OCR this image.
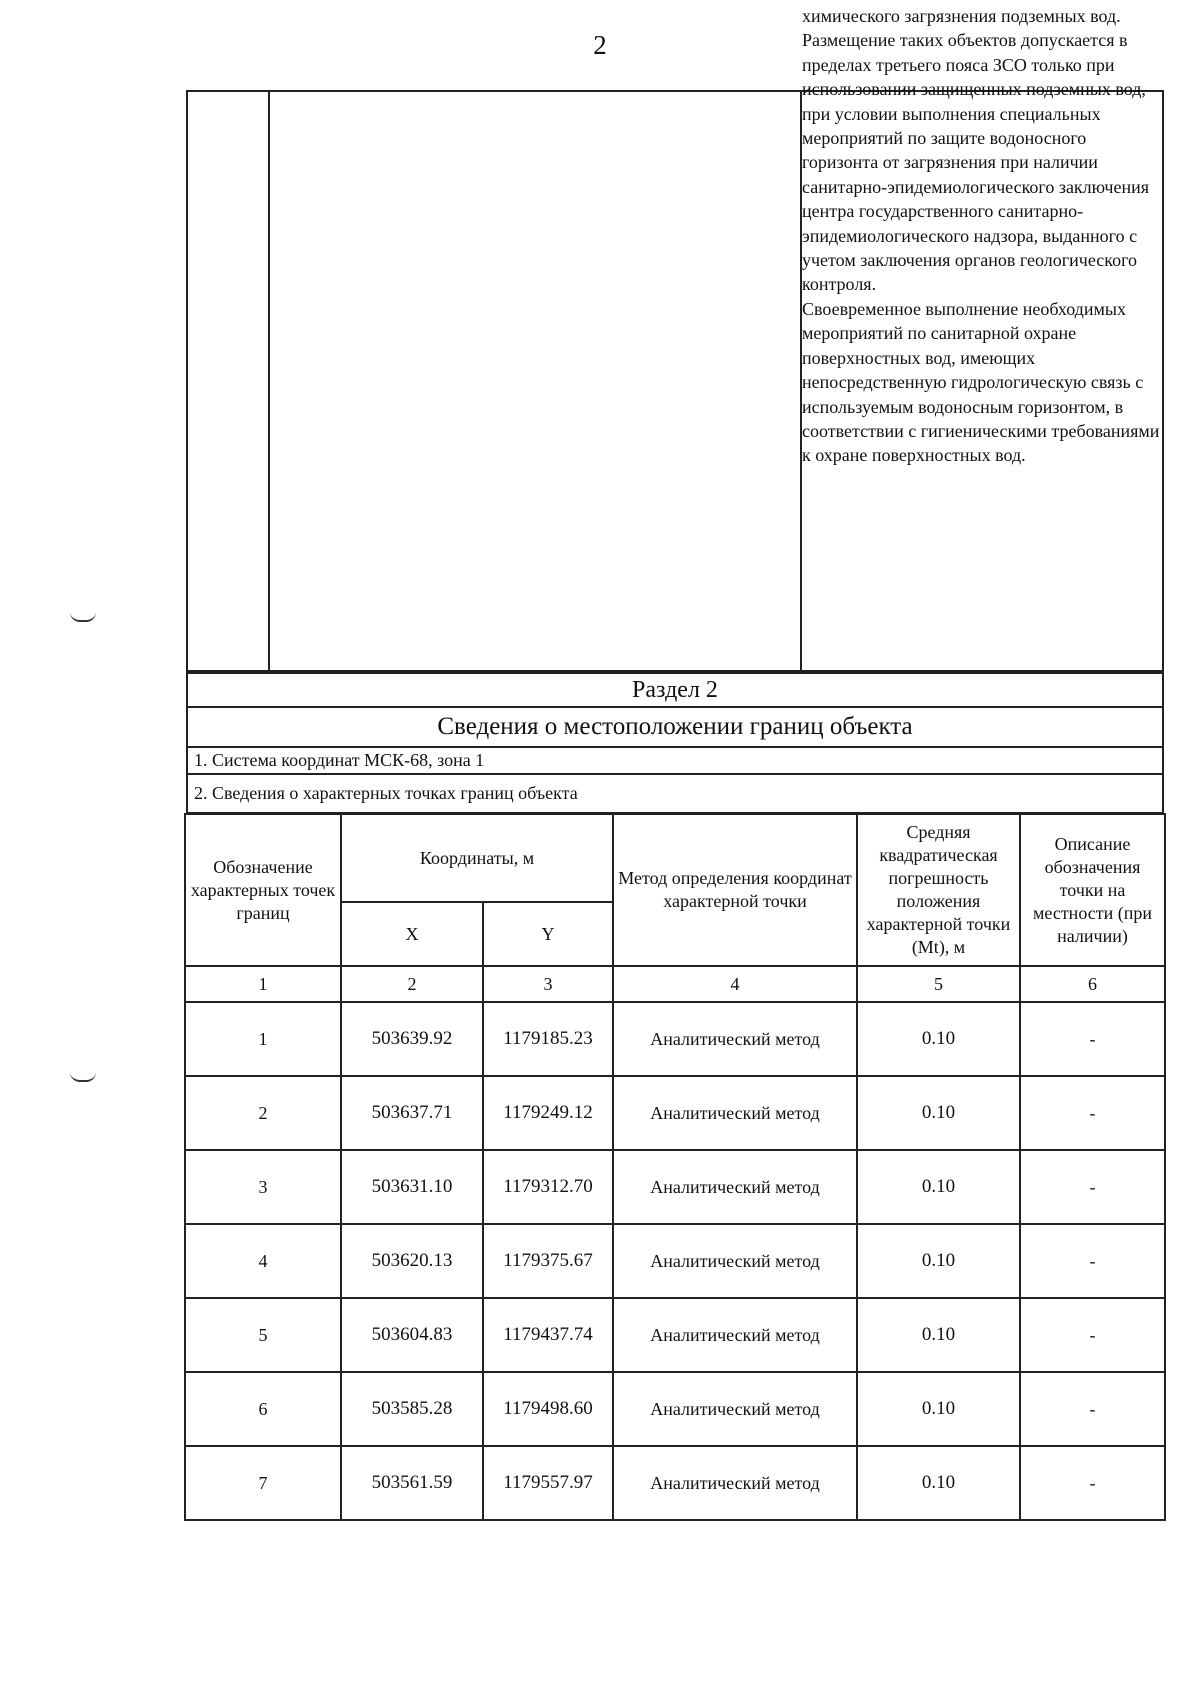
2

химического загрязнения подземных вод.

Размещение таких объектов допускается в пределах третьего пояса ЗСО только при использовании защищенных подземных вод, при условии выполнения специальных мероприятий по защите водоносного горизонта от загрязнения при наличии санитарно-эпидемиологического заключения центра государственного санитарно-эпидемиологического надзора, выданного с учетом заключения органов геологического контроля.

Своевременное выполнение необходимых мероприятий по санитарной охране поверхностных вод, имеющих непосредственную гидрологическую связь с используемым водоносным горизонтом, в соответствии с гигиеническими требованиями к охране поверхностных вод.

Раздел 2
Сведения о местоположении границ объекта
1. Система координат МСК-68, зона 1
2. Сведения о характерных точках границ объекта
Обозначение характерных точек границ	Координаты, м		Метод определения координат характерной точки	Средняя квадратическая погрешность положения характерной точки (Mt), м	Описание обозначения точки на местности (при наличии)
	X	Y			
1	2	3	4	5	6
1	503639.92	1179185.23	Аналитический метод	0.10	-
2	503637.71	1179249.12	Аналитический метод	0.10	-
3	503631.10	1179312.70	Аналитический метод	0.10	-
4	503620.13	1179375.67	Аналитический метод	0.10	-
5	503604.83	1179437.74	Аналитический метод	0.10	-
6	503585.28	1179498.60	Аналитический метод	0.10	-
7	503561.59	1179557.97	Аналитический метод	0.10	-
